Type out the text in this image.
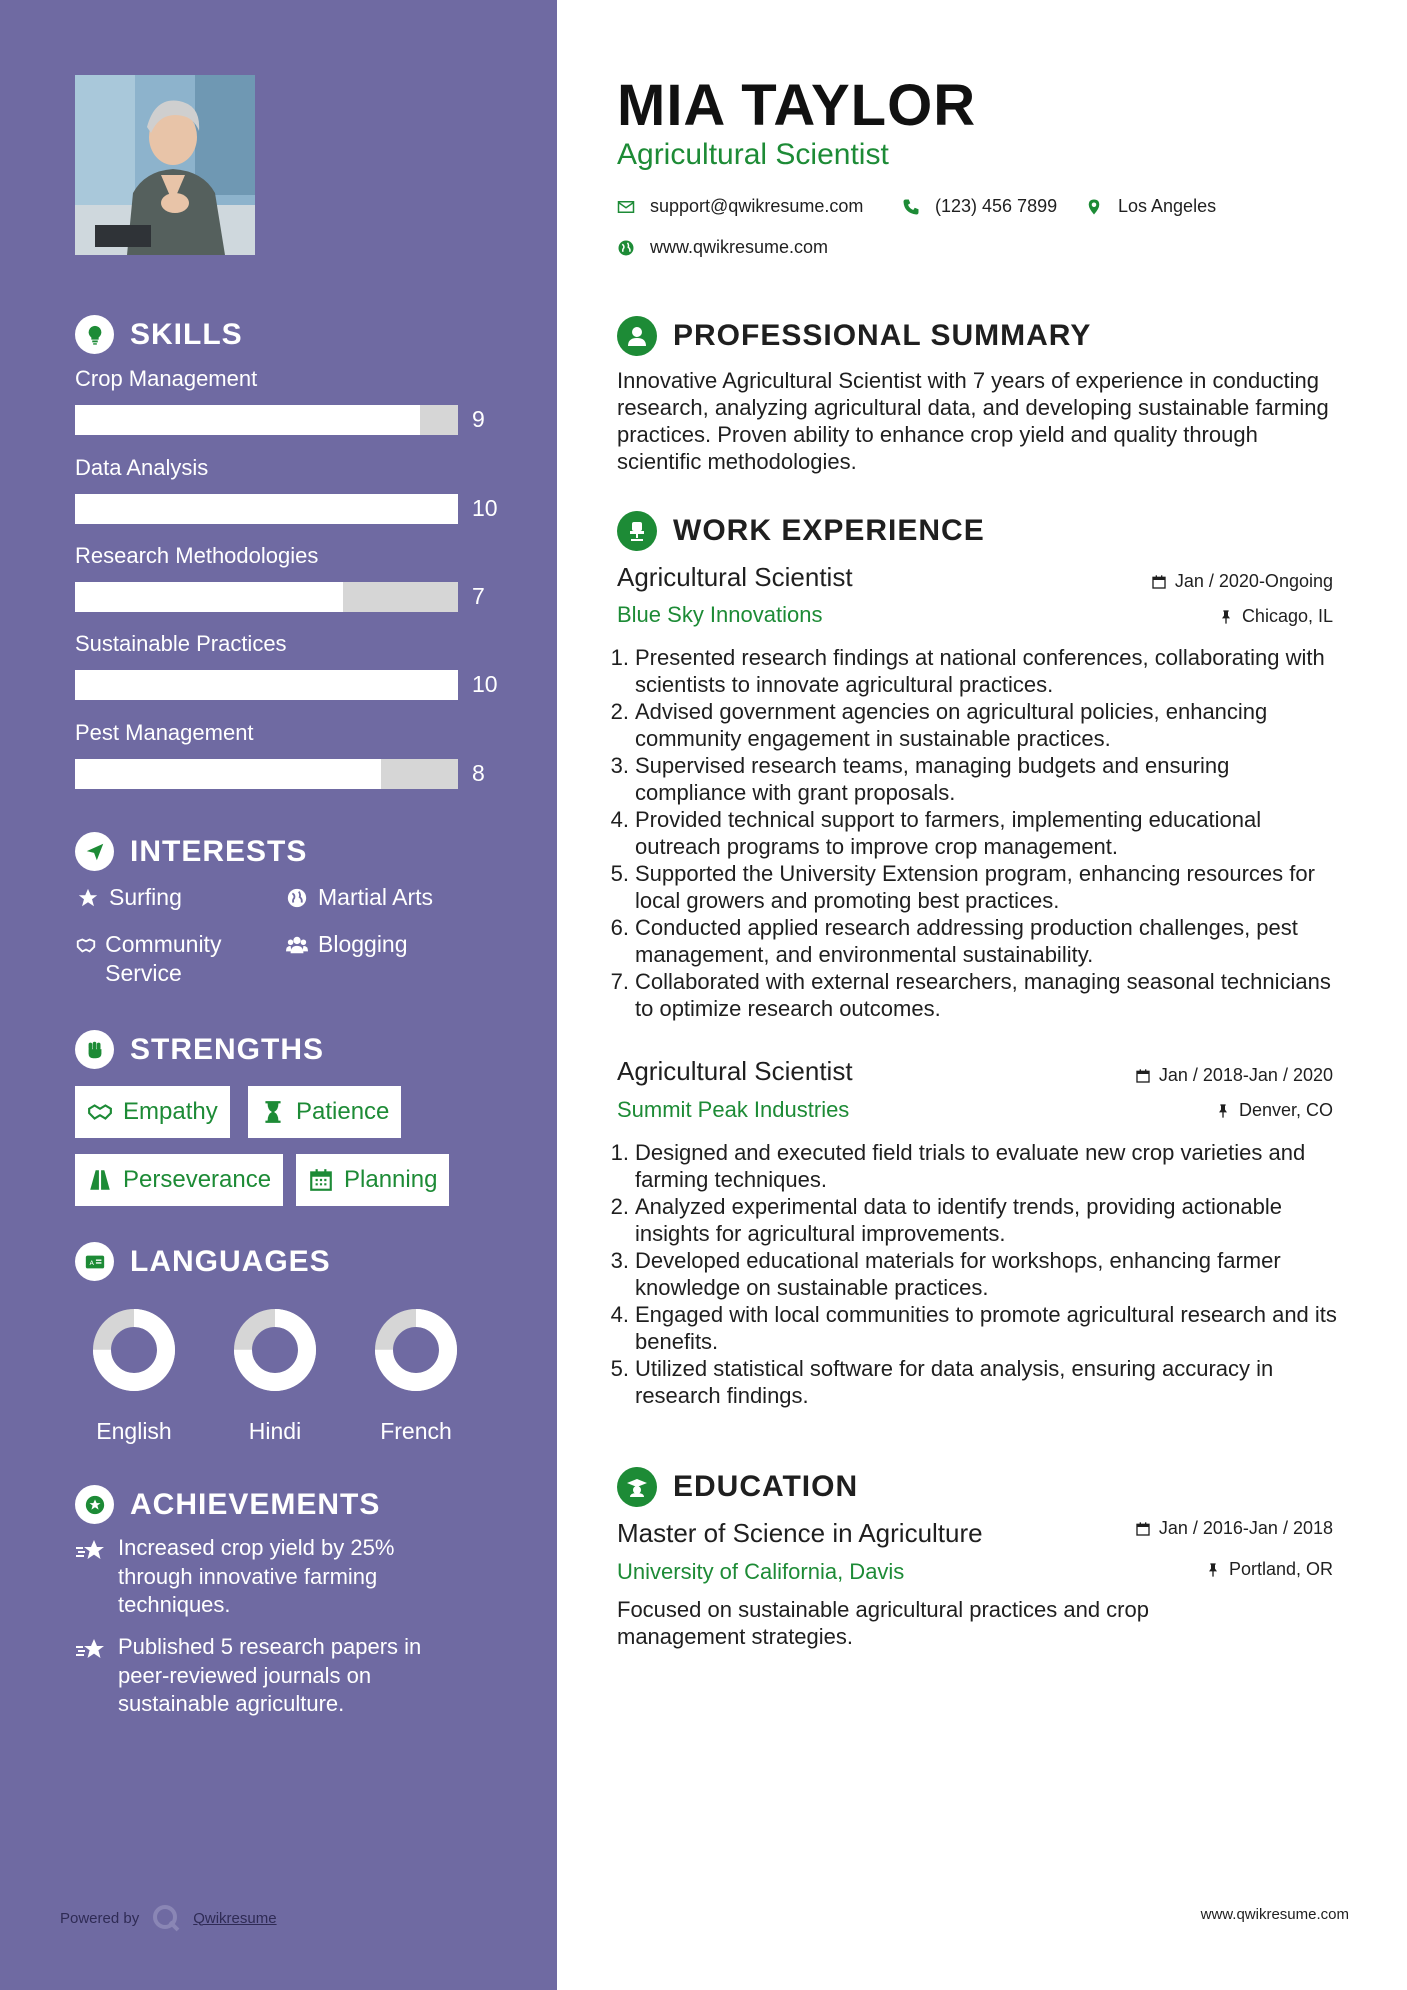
SKILLS
Crop Management
9
Data Analysis
10
Research Methodologies
7
Sustainable Practices
10
Pest Management
8
INTERESTS
Surfing	Martial Arts
Community Service
Blogging
STRENGTHS
Empathy	Patience
Perseverance	Planning
A LANGUAGES
English	Hindi	French
ACHIEVEMENTS
Increased crop yield by 25% through innovative farming techniques.
Published 5 research papers in peer-reviewed journals on sustainable agriculture.
Powered by	Qwikresume
MIA TAYLOR
Agricultural Scientist
support@qwikresume.com	(123) 456 7899	Los Angeles
www.qwikresume.com
PROFESSIONAL SUMMARY
Innovative Agricultural Scientist with 7 years of experience in conducting research, analyzing agricultural data, and developing sustainable farming practices. Proven ability to enhance crop yield and quality through scientific methodologies.
WORK EXPERIENCE
Agricultural Scientist
Blue Sky Innovations
Jan / 2020-Ongoing
Chicago, IL
1. Presented research findings at national conferences, collaborating with scientists to innovate agricultural practices.
2. Advised government agencies on agricultural policies, enhancing community engagement in sustainable practices.
3. Supervised research teams, managing budgets and ensuring compliance with grant proposals.
4. Provided technical support to farmers, implementing educational outreach programs to improve crop management.
5. Supported the University Extension program, enhancing resources for local growers and promoting best practices.
6. Conducted applied research addressing production challenges, pest management, and environmental sustainability.
7. Collaborated with external researchers, managing seasonal technicians to optimize research outcomes.
Agricultural Scientist
Summit Peak Industries
Jan / 2018-Jan / 2020
Denver, CO
1. Designed and executed field trials to evaluate new crop varieties and farming techniques.
2. Analyzed experimental data to identify trends, providing actionable insights for agricultural improvements.
3. Developed educational materials for workshops, enhancing farmer knowledge on sustainable practices.
4. Engaged with local communities to promote agricultural research and its benefits.
5. Utilized statistical software for data analysis, ensuring accuracy in research findings.
EDUCATION
Master of Science in Agriculture
University of California, Davis
Jan / 2016-Jan / 2018
Portland, OR
Focused on sustainable agricultural practices and crop management strategies.
www.qwikresume.com
